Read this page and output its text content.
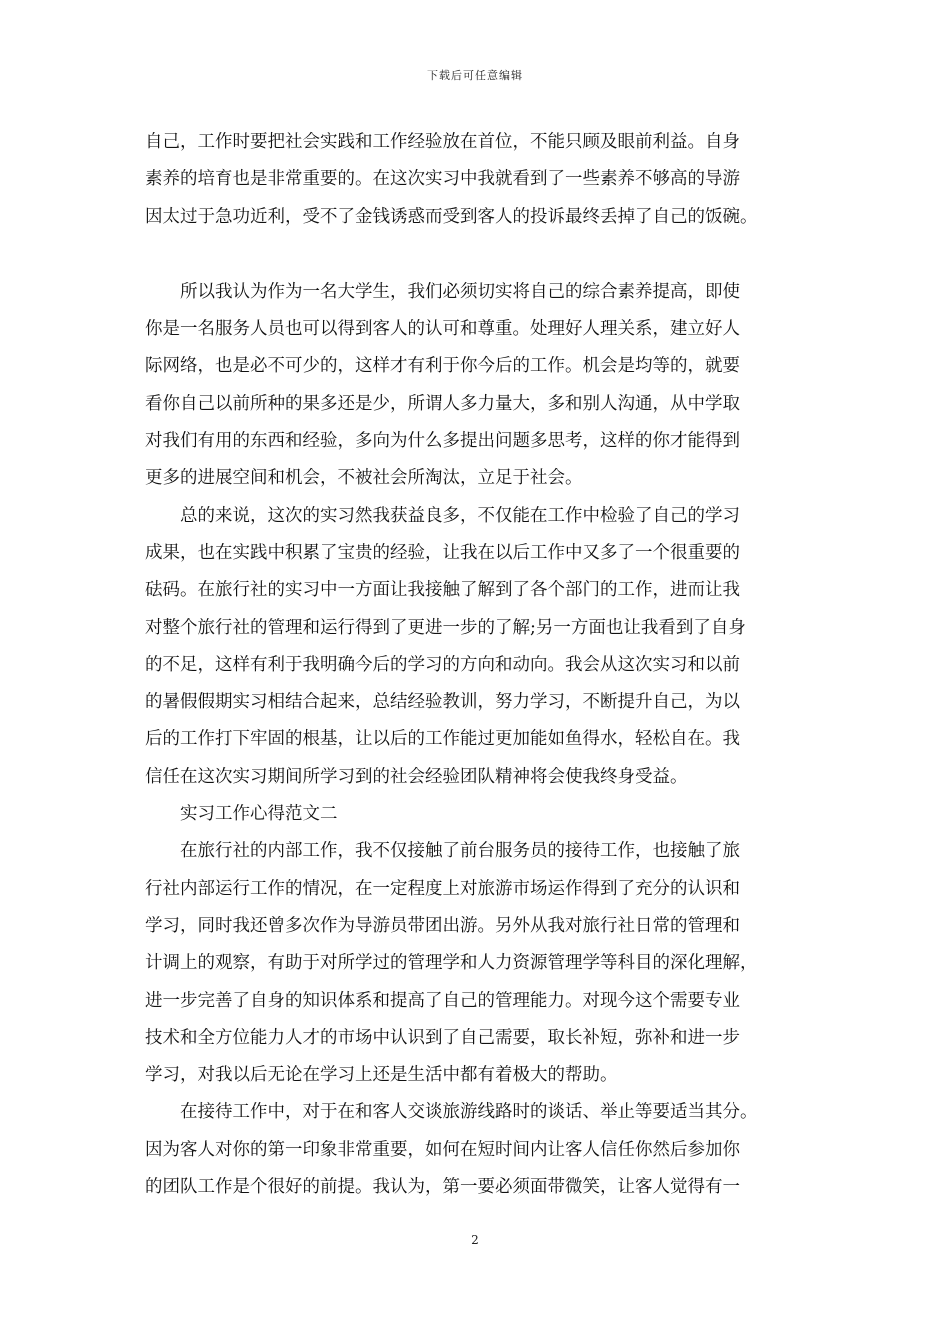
下载后可任意编辑
自己，工作时要把社会实践和工作经验放在首位，不能只顾及眼前利益。自身
素养的培育也是非常重要的。在这次实习中我就看到了一些素养不够高的导游
因太过于急功近利，受不了金钱诱惑而受到客人的投诉最终丢掉了自己的饭碗。
　　所以我认为作为一名大学生，我们必须切实将自己的综合素养提高，即使
你是一名服务人员也可以得到客人的认可和尊重。处理好人理关系，建立好人
际网络，也是必不可少的，这样才有利于你今后的工作。机会是均等的，就要
看你自己以前所种的果多还是少，所谓人多力量大，多和别人沟通，从中学取
对我们有用的东西和经验，多向为什么多提出问题多思考，这样的你才能得到
更多的进展空间和机会，不被社会所淘汰，立足于社会。
　　总的来说，这次的实习然我获益良多，不仅能在工作中检验了自己的学习
成果，也在实践中积累了宝贵的经验，让我在以后工作中又多了一个很重要的
砝码。在旅行社的实习中一方面让我接触了解到了各个部门的工作，进而让我
对整个旅行社的管理和运行得到了更进一步的了解;另一方面也让我看到了自身
的不足，这样有利于我明确今后的学习的方向和动向。我会从这次实习和以前
的暑假假期实习相结合起来，总结经验教训，努力学习，不断提升自己，为以
后的工作打下牢固的根基，让以后的工作能过更加能如鱼得水，轻松自在。我
信任在这次实习期间所学习到的社会经验团队精神将会使我终身受益。
　　实习工作心得范文二
　　在旅行社的内部工作，我不仅接触了前台服务员的接待工作，也接触了旅
行社内部运行工作的情况，在一定程度上对旅游市场运作得到了充分的认识和
学习，同时我还曾多次作为导游员带团出游。另外从我对旅行社日常的管理和
计调上的观察，有助于对所学过的管理学和人力资源管理学等科目的深化理解，
进一步完善了自身的知识体系和提高了自己的管理能力。对现今这个需要专业
技术和全方位能力人才的市场中认识到了自己需要，取长补短，弥补和进一步
学习，对我以后无论在学习上还是生活中都有着极大的帮助。
　　在接待工作中，对于在和客人交谈旅游线路时的谈话、举止等要适当其分。
因为客人对你的第一印象非常重要，如何在短时间内让客人信任你然后参加你
的团队工作是个很好的前提。我认为，第一要必须面带微笑，让客人觉得有一
2
